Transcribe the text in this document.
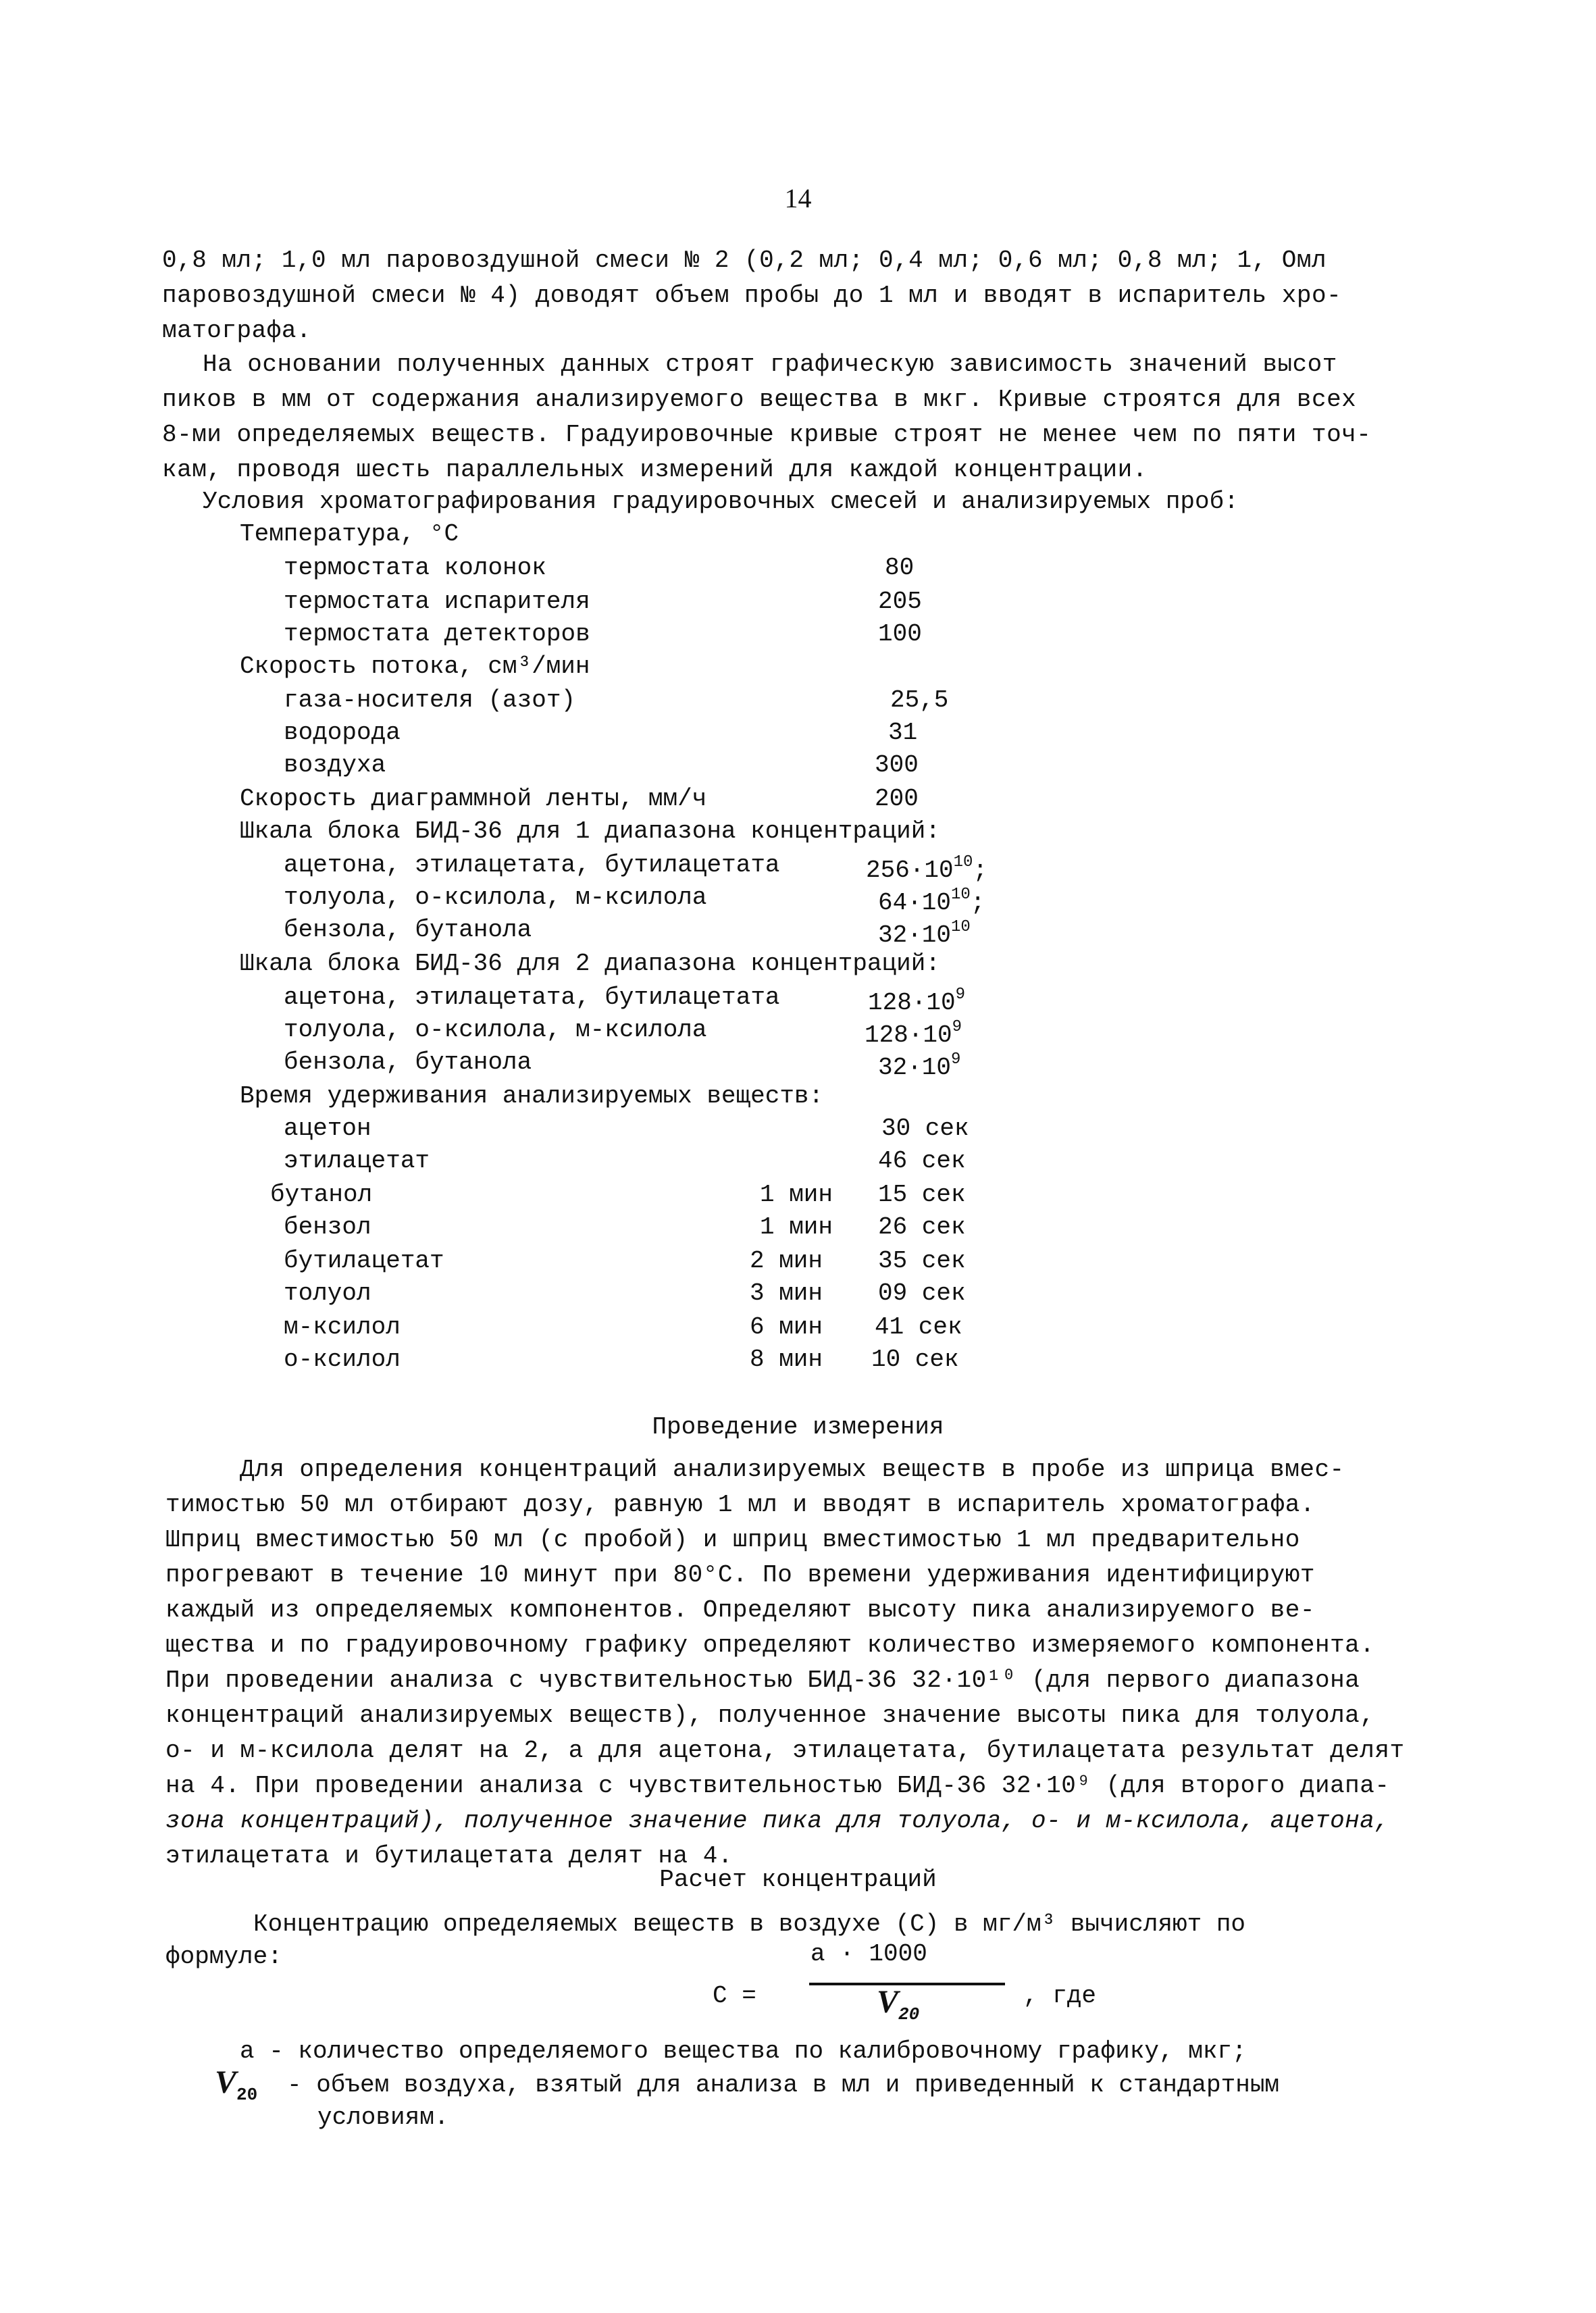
14
0,8 мл; 1,0 мл паровоздушной смеси № 2 (0,2 мл; 0,4 мл; 0,6 мл; 0,8 мл; 1, Омл
паровоздушной смеси № 4) доводят объем пробы до 1 мл и вводят в испаритель хро-
матографа.
На основании полученных данных строят графическую зависимость значений высот
пиков в мм от содержания анализируемого вещества в мкг. Кривые строятся для всех
8-ми определяемых веществ. Градуировочные кривые строят не менее чем по пяти точ-
кам, проводя шесть параллельных измерений для каждой концентрации.
Условия хроматографирования градуировочных смесей и анализируемых проб:
Температура, °С
термостата колонок	80
термостата испарителя	205
термостата детекторов	100
Скорость потока, см³/мин
газа-носителя (азот)	25,5
водорода	31
воздуха	300
Скорость диаграммной ленты, мм/ч	200
Шкала блока БИД-36 для 1 диапазона концентраций:
ацетона, этилацетата, бутилацетата	$256\cdot 10^{10}$;
толуола, о-ксилола, м-ксилола	$64\cdot 10^{10}$;
бензола, бутанола	$32\cdot 10^{10}$
Шкала блока БИД-36 для 2 диапазона концентраций:
ацетона, этилацетата, бутилацетата	$128\cdot 10^9$
толуола, о-ксилола, м-ксилола	$128\cdot 10^9$
бензола, бутанола	$32\cdot 10^9$
Время удерживания анализируемых веществ:
ацетон	30 сек
этилацетат	46 сек
бутанол	1 мин 15 сек
бензол	1 мин 26 сек
бутилацетат	2 мин 35 сек
толуол	3 мин 09 сек
м-ксилол	6 мин 41 сек
о-ксилол	8 мин 10 сек
Проведение измерения
Для определения концентраций анализируемых веществ в пробе из шприца вмес-
тимостью 50 мл отбирают дозу, равную 1 мл и вводят в испаритель хроматографа.
Шприц вместимостью 50 мл (с пробой) и шприц вместимостью 1 мл предварительно
прогревают в течение 10 минут при 80°С. По времени удерживания идентифицируют
каждый из определяемых компонентов. Определяют высоту пика анализируемого ве-
щества и по градуировочному графику определяют количество измеряемого компонента.
При проведении анализа с чувствительностью БИД-36 32·10¹⁰ (для первого диапазона
концентраций анализируемых веществ), полученное значение высоты пика для толуола,
о- и м-ксилола делят на 2, а для ацетона, этилацетата, бутилацетата результат делят
на 4. При проведении анализа с чувствительностью БИД-36 32·10⁹ (для второго диапа-
зона концентраций), полученное значение пика для толуола, о- и м-ксилола, ацетона,
этилацетата и бутилацетата делят на 4.
Расчет концентраций
Концентрацию определяемых веществ в воздухе (С) в мг/м³ вычисляют по
формуле:	a · 1000
С =	$V_{20}$
, где
а - количество определяемого вещества по калибровочному графику, мкг;
$V_{20}$ - объем воздуха, взятый для анализа в мл и приведенный к стандартным
условиям.
